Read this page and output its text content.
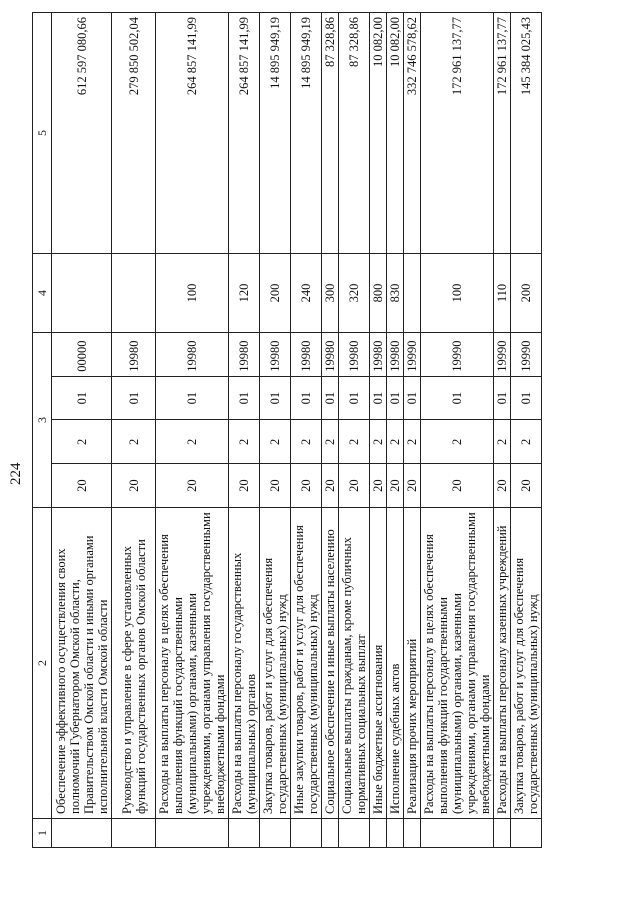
224
1	2	3				4	5
	Обеспечение эффективного осуществления своих полномочий Губернатором Омской области, Правительством Омской области и иными органами исполнительной власти Омской области	20	2	01	00000		612 597 080,66
	Руководство и управление в сфере установленных функций государственных органов Омской области	20	2	01	19980		279 850 502,04
	Расходы на выплаты персоналу в целях обеспечения выполнения функций государственными (муниципальными) органами, казенными учреждениями, органами управления государственными внебюджетными фондами	20	2	01	19980	100	264 857 141,99
	Расходы на выплаты персоналу государственных (муниципальных) органов	20	2	01	19980	120	264 857 141,99
	Закупка товаров, работ и услуг для обеспечения государственных (муниципальных) нужд	20	2	01	19980	200	14 895 949,19
	Иные закупки товаров, работ и услуг для обеспечения государственных (муниципальных) нужд	20	2	01	19980	240	14 895 949,19
	Социальное обеспечение и иные выплаты населению	20	2	01	19980	300	87 328,86
	Социальные выплаты гражданам, кроме публичных нормативных социальных выплат	20	2	01	19980	320	87 328,86
	Иные бюджетные ассигнования	20	2	01	19980	800	10 082,00
	Исполнение судебных актов	20	2	01	19980	830	10 082,00
	Реализация прочих мероприятий	20	2	01	19990		332 746 578,62
	Расходы на выплаты персоналу в целях обеспечения выполнения функций государственными (муниципальными) органами, казенными учреждениями, органами управления государственными внебюджетными фондами	20	2	01	19990	100	172 961 137,77
	Расходы на выплаты персоналу казенных учреждений	20	2	01	19990	110	172 961 137,77
	Закупка товаров, работ и услуг для обеспечения государственных (муниципальных) нужд	20	2	01	19990	200	145 384 025,43
